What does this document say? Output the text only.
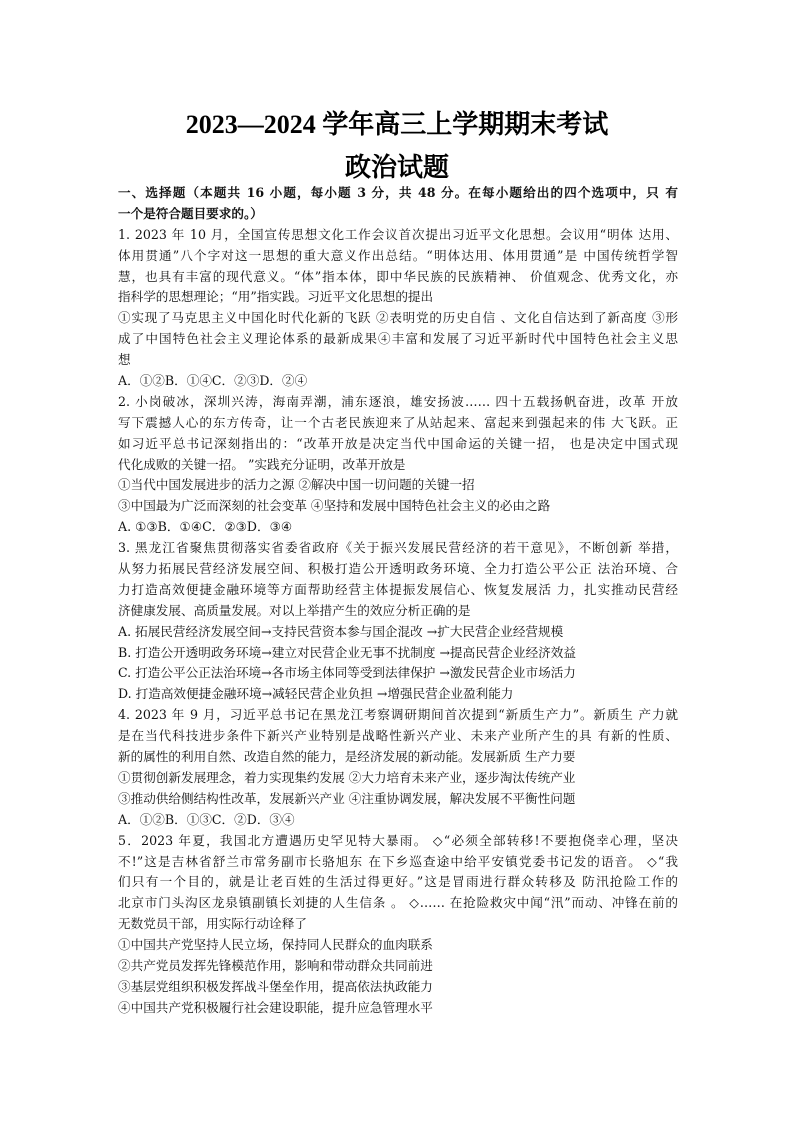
2023—2024 学年高三上学期期末考试
政治试题
一、选择题（本题共 16 小题，每小题 3 分，共 48 分。在每小题给出的四个选项中，只 有
一个是符合题目要求的。）
1. 2023 年 10 月，全国宣传思想文化工作会议首次提出习近平文化思想。会议用“明体 达用、
体用贯通”八个字对这一思想的重大意义作出总结。“明体达用、体用贯通”是 中国传统哲学智
慧，也具有丰富的现代意义。“体”指本体，即中华民族的民族精神、 价值观念、优秀文化，亦
指科学的思想理论；“用”指实践。习近平文化思想的提出
①实现了马克思主义中国化时代化新的飞跃 ②表明党的历史自信 、文化自信达到了新高度 ③形
成了中国特色社会主义理论体系的最新成果④丰富和发展了习近平新时代中国特色社会主义思
想
A．①②B．①④C．②③D．②④
2. 小岗破冰，深圳兴涛，海南弄潮，浦东逐浪，雄安扬波…… 四十五载扬帆奋进，改革 开放
写下震撼人心的东方传奇，让一个古老民族迎来了从站起来、富起来到强起来的伟 大飞跃。正
如习近平总书记深刻指出的：“改革开放是决定当代中国命运的关键一招， 也是决定中国式现
代化成败的关键一招。 ”实践充分证明，改革开放是
①当代中国发展进步的活力之源 ②解决中国一切问题的关键一招
③中国最为广泛而深刻的社会变革 ④坚持和发展中国特色社会主义的必由之路
A. ①③B．①④C．②③D．③④
3. 黑龙江省聚焦贯彻落实省委省政府《关于振兴发展民营经济的若干意见》，不断创新 举措，
从努力拓展民营经济发展空间、积极打造公开透明政务环境、全力打造公平公正 法治环境、合
力打造高效便捷金融环境等方面帮助经营主体提振发展信心、恢复发展活 力，扎实推动民营经
济健康发展、高质量发展。对以上举措产生的效应分析正确的是
A. 拓展民营经济发展空间→支持民营资本参与国企混改 →扩大民营企业经营规模
B. 打造公开透明政务环境→建立对民营企业无事不扰制度 →提高民营企业经济效益
C. 打造公平公正法治环境→各市场主体同等受到法律保护 →激发民营企业市场活力
D. 打造高效便捷金融环境→减轻民营企业负担 →增强民营企业盈利能力
4. 2023 年 9 月，习近平总书记在黑龙江考察调研期间首次提到“新质生产力”。新质生 产力就
是在当代科技进步条件下新兴产业特别是战略性新兴产业、未来产业所产生的具 有新的性质、
新的属性的利用自然、改造自然的能力，是经济发展的新动能。发展新质 生产力要
①贯彻创新发展理念，着力实现集约发展 ②大力培育未来产业，逐步淘汰传统产业
③推动供给侧结构性改革，发展新兴产业 ④注重协调发展，解决发展不平衡性问题
A．①②B．①③C．②D．③④
5．2023 年夏，我国北方遭遇历史罕见特大暴雨。 ◇“必须全部转移!不要抱侥幸心理，坚决
不!”这是吉林省舒兰市常务副市长骆旭东 在下乡巡查途中给平安镇党委书记发的语音。 ◇“我
们只有一个目的，就是让老百姓的生活过得更好。”这是冒雨进行群众转移及 防汛抢险工作的
北京市门头沟区龙泉镇副镇长刘捷的人生信条 。 ◇…… 在抢险救灾中闻“汛”而动、冲锋在前的
无数党员干部，用实际行动诠释了
①中国共产党坚持人民立场，保持同人民群众的血肉联系
②共产党员发挥先锋模范作用，影响和带动群众共同前进
③基层党组织积极发挥战斗堡垒作用，提高依法执政能力
④中国共产党积极履行社会建设职能，提升应急管理水平
